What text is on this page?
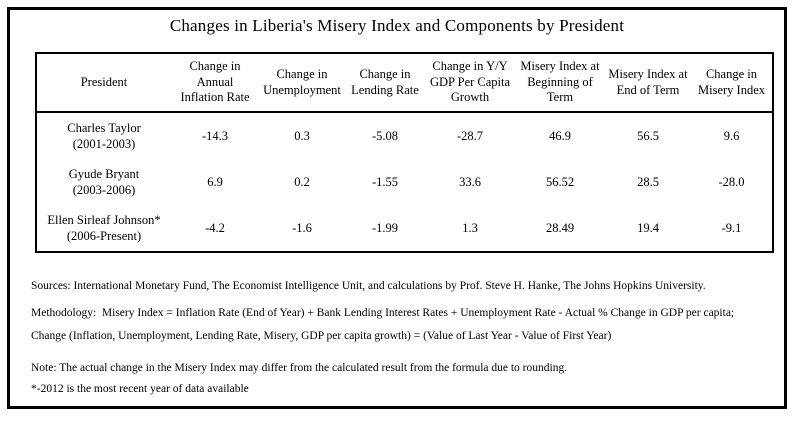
Changes in Liberia's Misery Index and Components by President
President	Change in Annual Inflation Rate	Change in Unemployment	Change in Lending Rate	Change in Y/Y GDP Per Capita Growth	Misery Index at Beginning of Term	Misery Index at End of Term	Change in Misery Index

Charles Taylor
(2001-2003)	-14.3	0.3	-5.08	-28.7	46.9	56.5	9.6

Gyude Bryant
(2003-2006)	6.9	0.2	-1.55	33.6	56.52	28.5	-28.0

Ellen Sirleaf Johnson*
(2006-Present)	-4.2	-1.6	-1.99	1.3	28.49	19.4	-9.1

Sources: International Monetary Fund, The Economist Intelligence Unit, and calculations by Prof. Steve H. Hanke, The Johns Hopkins University.

Methodology:  Misery Index = Inflation Rate (End of Year) + Bank Lending Interest Rates + Unemployment Rate - Actual % Change in GDP per capita;

Change (Inflation, Unemployment, Lending Rate, Misery, GDP per capita growth) = (Value of Last Year - Value of First Year)

Note: The actual change in the Misery Index may differ from the calculated result from the formula due to rounding.

*-2012 is the most recent year of data available
